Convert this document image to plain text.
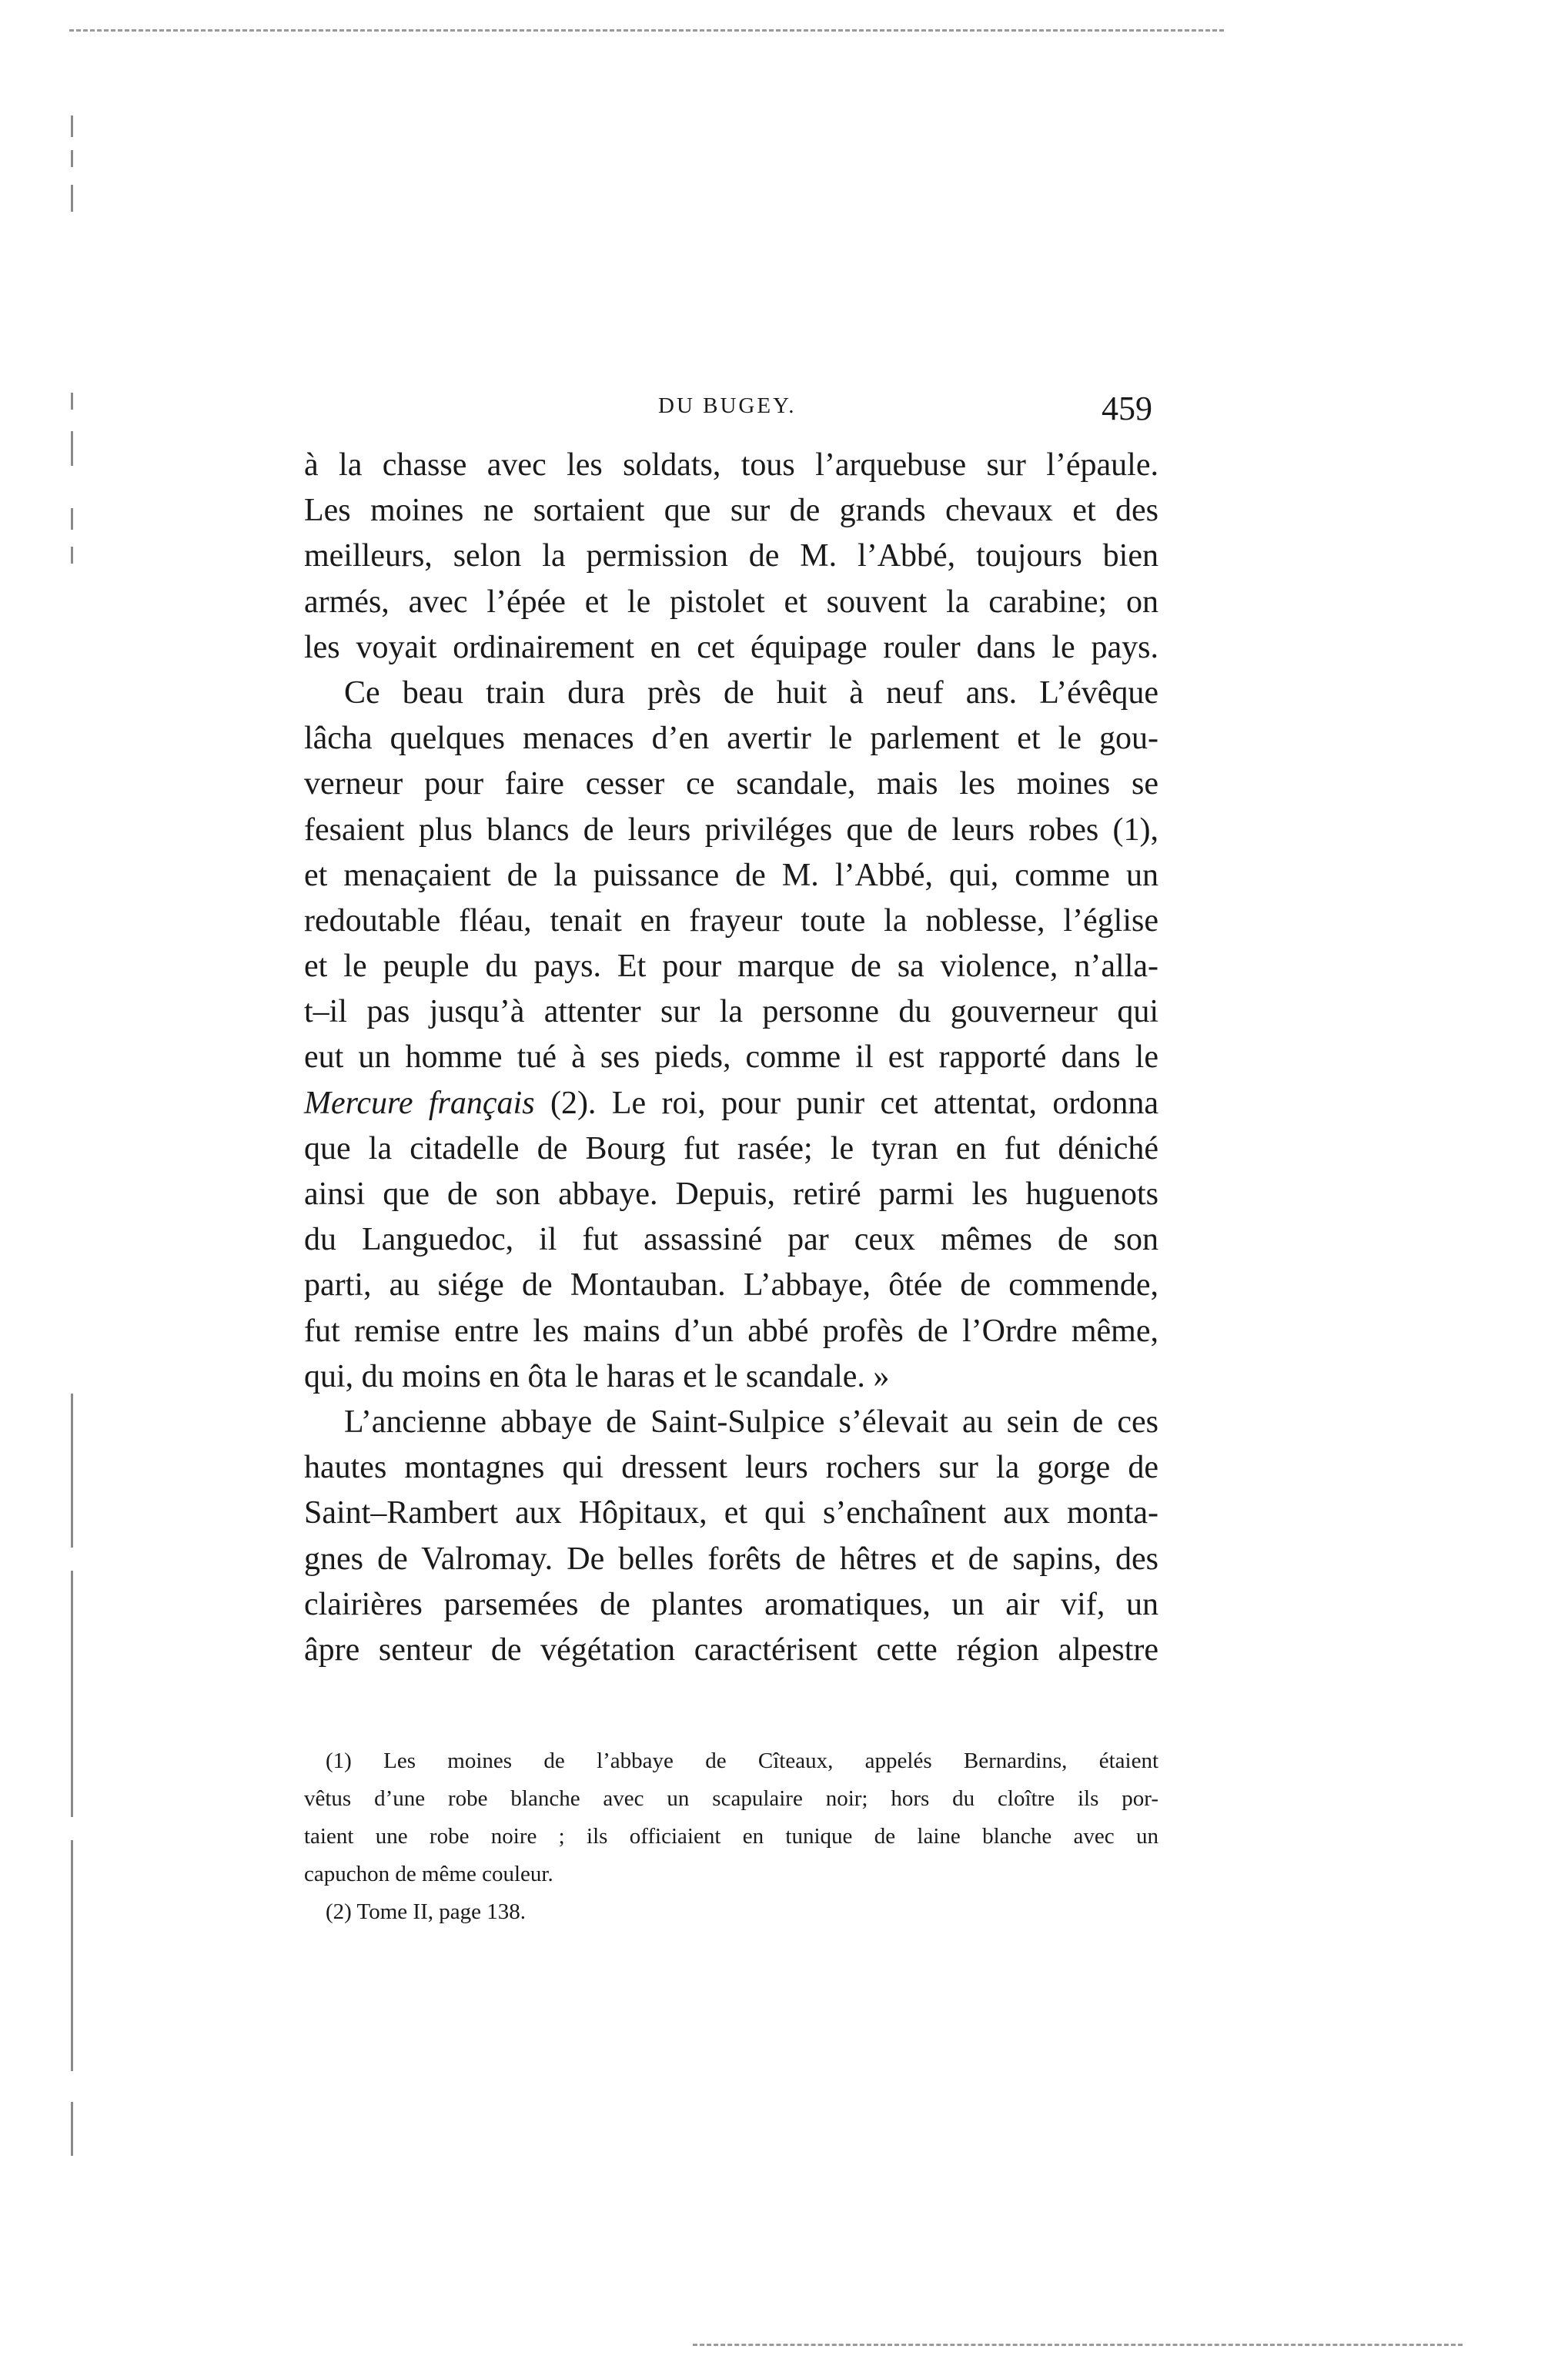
DU BUGEY.	459
à la chasse avec les soldats, tous l’arquebuse sur l’épaule.
Les moines ne sortaient que sur de grands chevaux et des
meilleurs, selon la permission de M. l’Abbé, toujours bien
armés, avec l’épée et le pistolet et souvent la carabine; on
les voyait ordinairement en cet équipage rouler dans le pays.
Ce beau train dura près de huit à neuf ans. L’évêque
lâcha quelques menaces d’en avertir le parlement et le gou-
verneur pour faire cesser ce scandale, mais les moines se
fesaient plus blancs de leurs priviléges que de leurs robes (1),
et menaçaient de la puissance de M. l’Abbé, qui, comme un
redoutable fléau, tenait en frayeur toute la noblesse, l’église
et le peuple du pays. Et pour marque de sa violence, n’alla-
t–il pas jusqu’à attenter sur la personne du gouverneur qui
eut un homme tué à ses pieds, comme il est rapporté dans le
Mercure français (2). Le roi, pour punir cet attentat, ordonna
que la citadelle de Bourg fut rasée; le tyran en fut déniché
ainsi que de son abbaye. Depuis, retiré parmi les huguenots
du Languedoc, il fut assassiné par ceux mêmes de son
parti, au siége de Montauban. L’abbaye, ôtée de commende,
fut remise entre les mains d’un abbé profès de l’Ordre même,
qui, du moins en ôta le haras et le scandale. »
L’ancienne abbaye de Saint-Sulpice s’élevait au sein de ces
hautes montagnes qui dressent leurs rochers sur la gorge de
Saint–Rambert aux Hôpitaux, et qui s’enchaînent aux monta-
gnes de Valromay. De belles forêts de hêtres et de sapins, des
clairières parsemées de plantes aromatiques, un air vif, un
âpre senteur de végétation caractérisent cette région alpestre
(1) Les moines de l’abbaye de Cîteaux, appelés Bernardins, étaient
vêtus d’une robe blanche avec un scapulaire noir; hors du cloître ils por-
taient une robe noire ; ils officiaient en tunique de laine blanche avec un
capuchon de même couleur.
(2) Tome II, page 138.
